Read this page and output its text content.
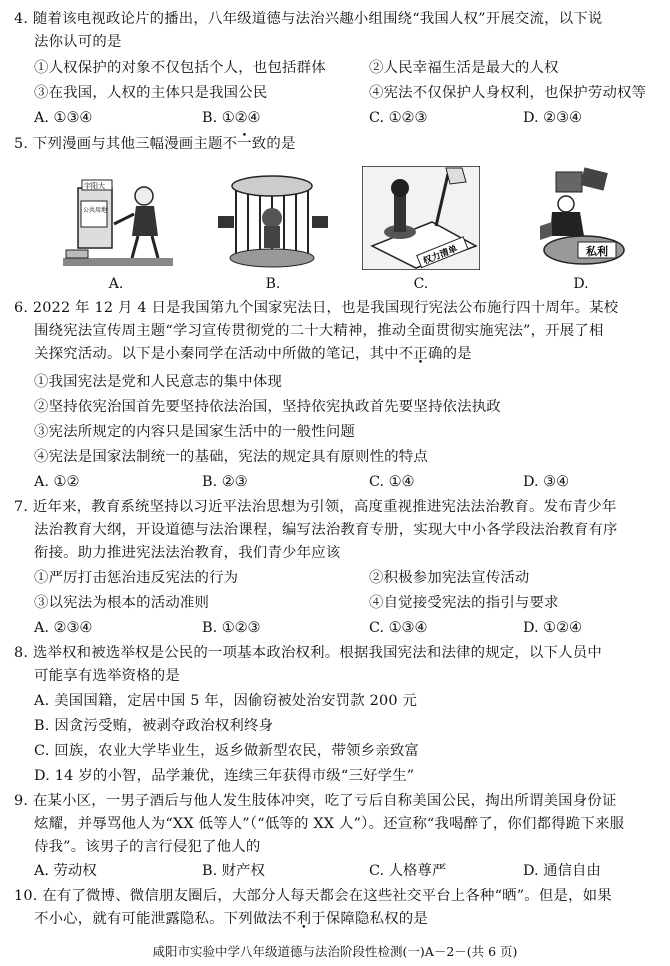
4. 随着该电视政论片的播出，八年级道德与法治兴趣小组围绕“我国人权”开展交流，以下说
法你认可的是
①人权保护的对象不仅包括个人，也包括群体	②人民幸福生活是最大的人权
③在我国，人权的主体只是我国公民	④宪法不仅保护人身权利，也保护劳动权等
A. ①③④	B. ①②④	C. ①②③	D. ②③④
5. 下列漫画与其他三幅漫画主题不一致的是
宇阳大
公共用地
A.	B.
权力清单
C.
私利
D.
6. 2022 年 12 月 4 日是我国第九个国家宪法日，也是我国现行宪法公布施行四十周年。某校
围绕宪法宣传周主题“学习宣传贯彻党的二十大精神，推动全面贯彻实施宪法”，开展了相
关探究活动。以下是小秦同学在活动中所做的笔记，其中不正确的是
①我国宪法是党和人民意志的集中体现
②坚持依宪治国首先要坚持依法治国，坚持依宪执政首先要坚持依法执政
③宪法所规定的内容只是国家生活中的一般性问题
④宪法是国家法制统一的基础，宪法的规定具有原则性的特点
A. ①②	B. ②③	C. ①④	D. ③④
7. 近年来，教育系统坚持以习近平法治思想为引领，高度重视推进宪法法治教育。发布青少年
法治教育大纲，开设道德与法治课程，编写法治教育专册，实现大中小各学段法治教育有序
衔接。助力推进宪法法治教育，我们青少年应该
①严厉打击惩治违反宪法的行为	②积极参加宪法宣传活动
③以宪法为根本的活动准则	④自觉接受宪法的指引与要求
A. ②③④	B. ①②③	C. ①③④	D. ①②④
8. 选举权和被选举权是公民的一项基本政治权利。根据我国宪法和法律的规定，以下人员中
可能享有选举资格的是
A. 美国国籍，定居中国 5 年，因偷窃被处治安罚款 200 元
B. 因贪污受贿，被剥夺政治权利终身
C. 回族，农业大学毕业生，返乡做新型农民，带领乡亲致富
D. 14 岁的小智，品学兼优，连续三年获得市级“三好学生”
9. 在某小区，一男子酒后与他人发生肢体冲突，吃了亏后自称美国公民，掏出所谓美国身份证
炫耀，并辱骂他人为“XX 低等人”（“低等的 XX 人”）。还宣称“我喝醉了，你们都得跪下来服
侍我”。该男子的言行侵犯了他人的
A. 劳动权	B. 财产权	C. 人格尊严	D. 通信自由
10. 在有了微博、微信朋友圈后，大部分人每天都会在这些社交平台上各种“晒”。但是，如果
不小心，就有可能泄露隐私。下列做法不利于保障隐私权的是
咸阳市实验中学八年级道德与法治阶段性检测(一)A－2－(共 6 页)
